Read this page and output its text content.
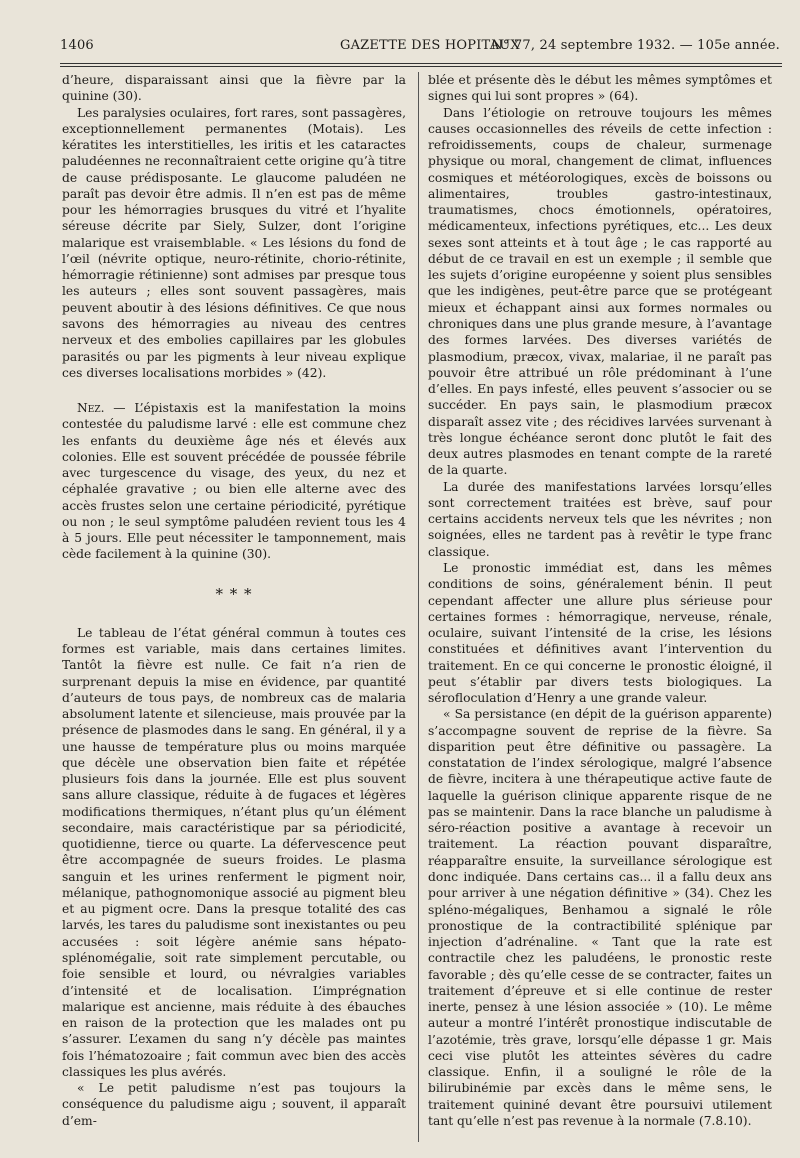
1406	GAZETTE DES HOPITAUX
N° 77, 24 septembre 1932. — 105e année.

d’heure, disparaissant ainsi que la fièvre par la quinine (30).

Les paralysies oculaires, fort rares, sont passagères, exceptionnellement permanentes (Motais). Les kératites les interstitielles, les iritis et les cataractes paludéennes ne reconnaîtraient cette origine qu’à titre de cause prédisposante. Le glaucome paludéen ne paraît pas devoir être admis. Il n’en est pas de même pour les hémorragies brusques du vitré et l’hyalite séreuse décrite par Siely, Sulzer, dont l’origine malarique est vraisemblable. « Les lésions du fond de l’œil (névrite optique, neuro-rétinite, chorio-rétinite, hémorragie rétinienne) sont admises par presque tous les auteurs ; elles sont souvent passagères, mais peuvent aboutir à des lésions définitives. Ce que nous savons des hémorragies au niveau des centres nerveux et des embolies capillaires par les globules parasités ou par les pigments à leur niveau explique ces diverses localisations morbides » (42).

Nez. — L’épistaxis est la manifestation la moins contestée du paludisme larvé : elle est commune chez les enfants du deuxième âge nés et élevés aux colonies. Elle est souvent précédée de poussée fébrile avec turgescence du visage, des yeux, du nez et céphalée gravative ; ou bien elle alterne avec des accès frustes selon une certaine périodicité, pyrétique ou non ; le seul symptôme paludéen revient tous les 4 à 5 jours. Elle peut nécessiter le tamponnement, mais cède facilement à la quinine (30).

* * *

Le tableau de l’état général commun à toutes ces formes est variable, mais dans certaines limites. Tantôt la fièvre est nulle. Ce fait n’a rien de surprenant depuis la mise en évidence, par quantité d’auteurs de tous pays, de nombreux cas de malaria absolument latente et silencieuse, mais prouvée par la présence de plasmodes dans le sang. En général, il y a une hausse de température plus ou moins marquée que décèle une observation bien faite et répétée plusieurs fois dans la journée. Elle est plus souvent sans allure classique, réduite à de fugaces et légères modifications thermiques, n’étant plus qu’un élément secondaire, mais caractéristique par sa périodicité, quotidienne, tierce ou quarte. La défervescence peut être accompagnée de sueurs froides. Le plasma sanguin et les urines renferment le pigment noir, mélanique, pathognomonique associé au pigment bleu et au pigment ocre. Dans la presque totalité des cas larvés, les tares du paludisme sont inexistantes ou peu accusées : soit légère anémie sans hépato-splénomégalie, soit rate simplement percutable, ou foie sensible et lourd, ou névralgies variables d’intensité et de localisation. L’imprégnation malarique est ancienne, mais réduite à des ébauches en raison de la protection que les malades ont pu s’assurer. L’examen du sang n’y décèle pas maintes fois l’hématozoaire ; fait commun avec bien des accès classiques les plus avérés.

« Le petit paludisme n’est pas toujours la conséquence du paludisme aigu ; souvent, il apparaît d’em-

blée et présente dès le début les mêmes symptômes et signes qui lui sont propres » (64).

Dans l’étiologie on retrouve toujours les mêmes causes occasionnelles des réveils de cette infection : refroidissements, coups de chaleur, surmenage physique ou moral, changement de climat, influences cosmiques et météorologiques, excès de boissons ou alimentaires, troubles gastro-intestinaux, traumatismes, chocs émotionnels, opératoires, médicamenteux, infections pyrétiques, etc... Les deux sexes sont atteints et à tout âge ; le cas rapporté au début de ce travail en est un exemple ; il semble que les sujets d’origine européenne y soient plus sensibles que les indigènes, peut-être parce que se protégeant mieux et échappant ainsi aux formes normales ou chroniques dans une plus grande mesure, à l’avantage des formes larvées. Des diverses variétés de plasmodium, præcox, vivax, malariae, il ne paraît pas pouvoir être attribué un rôle prédominant à l’une d’elles. En pays infesté, elles peuvent s’associer ou se succéder. En pays sain, le plasmodium præcox disparaît assez vite ; des récidives larvées survenant à très longue échéance seront donc plutôt le fait des deux autres plasmodes en tenant compte de la rareté de la quarte.

La durée des manifestations larvées lorsqu’elles sont correctement traitées est brève, sauf pour certains accidents nerveux tels que les névrites ; non soignées, elles ne tardent pas à revêtir le type franc classique.

Le pronostic immédiat est, dans les mêmes conditions de soins, généralement bénin. Il peut cependant affecter une allure plus sérieuse pour certaines formes : hémorragique, nerveuse, rénale, oculaire, suivant l’intensité de la crise, les lésions constituées et définitives avant l’intervention du traitement. En ce qui concerne le pronostic éloigné, il peut s’établir par divers tests biologiques. La sérofloculation d’Henry a une grande valeur.

« Sa persistance (en dépit de la guérison apparente) s’accompagne souvent de reprise de la fièvre. Sa disparition peut être définitive ou passagère. La constatation de l’index sérologique, malgré l’absence de fièvre, incitera à une thérapeutique active faute de laquelle la guérison clinique apparente risque de ne pas se maintenir. Dans la race blanche un paludisme à séro-réaction positive a avantage à recevoir un traitement. La réaction pouvant disparaître, réapparaître ensuite, la surveillance sérologique est donc indiquée. Dans certains cas... il a fallu deux ans pour arriver à une négation définitive » (34). Chez les spléno-mégaliques, Benhamou a signalé le rôle pronostique de la contractibilité splénique par injection d’adrénaline. « Tant que la rate est contractile chez les paludéens, le pronostic reste favorable ; dès qu’elle cesse de se contracter, faites un traitement d’épreuve et si elle continue de rester inerte, pensez à une lésion associée » (10). Le même auteur a montré l’intérêt pronostique indiscutable de l’azotémie, très grave, lorsqu’elle dépasse 1 gr. Mais ceci vise plutôt les atteintes sévères du cadre classique. Enfin, il a souligné le rôle de la bilirubinémie par excès dans le même sens, le traitement quininé devant être poursuivi utilement tant qu’elle n’est pas revenue à la normale (7.8.10).
